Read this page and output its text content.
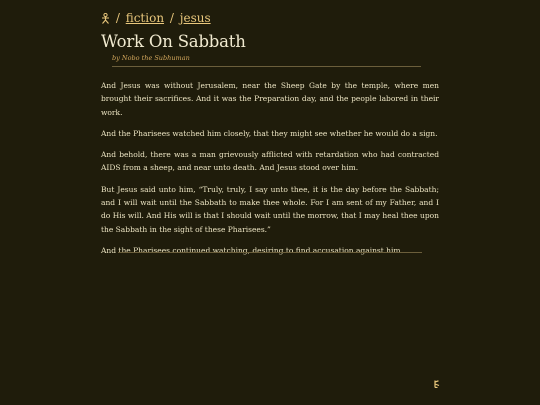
/ fiction / jesus
Work On Sabbath
by Nobo the Subhuman

And Jesus was without Jerusalem, near the Sheep Gate by the temple, where men brought their sacrifices. And it was the Preparation day, and the people labored in their work.

And the Pharisees watched him closely, that they might see whether he would do a sign.

And behold, there was a man grievously afflicted with retardation who had contracted AIDS from a sheep, and near unto death. And Jesus stood over him.

But Jesus said unto him, “Truly, truly, I say unto thee, it is the day before the Sabbath; and I will wait until the Sabbath to make thee whole. For I am sent of my Father, and I do His will. And His will is that I should wait until the morrow, that I may heal thee upon the Sabbath in the sight of these Pharisees.”

And the Pharisees continued watching, desiring to find accusation against him.
